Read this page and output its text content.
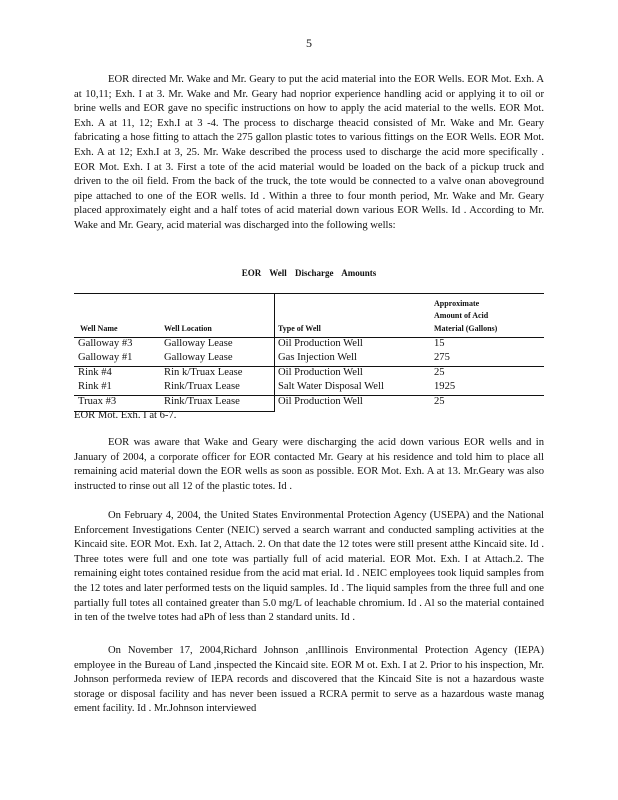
5

EOR directed Mr. Wake and Mr. Geary to put the acid material into the EOR Wells. EOR Mot. Exh. A at 10,11; Exh. I at 3. Mr. Wake and Mr. Geary had noprior experience handling acid or applying it to oil or brine wells and EOR gave no specific instructions on how to apply the acid material to the wells. EOR Mot. Exh. A at 11, 12; Exh.I at 3 -4. The process to discharge theacid consisted of Mr. Wake and Mr. Geary fabricating a hose fitting to attach the 275 gallon plastic totes to various fittings on the EOR Wells. EOR Mot. Exh. A at 12; Exh.I at 3, 25. Mr. Wake described the process used to discharge the acid more specifically . EOR Mot. Exh. I at 3. First a tote of the acid material would be loaded on the back of a pickup truck and driven to the oil field. From the back of the truck, the tote would be connected to a valve onan aboveground pipe attached to one of the EOR wells. Id . Within a three to four month period, Mr. Wake and Mr. Geary placed approximately eight and a half totes of acid material down various EOR Wells. Id . According to Mr. Wake and Mr. Geary, acid material was discharged into the following wells:

EOR Well Discharge Amounts
Approximate
Amount of Acid
Well Name	Well Location	Type of Well	Material (Gallons)
Galloway #3	Galloway Lease	Oil Production Well	15
Galloway #1	Galloway Lease	Gas Injection Well	275
Rink #4	Rin k/Truax Lease	Oil Production Well	25
Rink #1	Rink/Truax Lease	Salt Water Disposal Well	1925
Truax #3	Rink/Truax Lease	Oil Production Well	25
EOR Mot. Exh. I at 6-7.

EOR was aware that Wake and Geary were discharging the acid down various EOR wells and in January of 2004, a corporate officer for EOR contacted Mr. Geary at his residence and told him to place all remaining acid material down the EOR wells as soon as possible. EOR Mot. Exh. A at 13. Mr.Geary was also instructed to rinse out all 12 of the plastic totes. Id .

On February 4, 2004, the United States Environmental Protection Agency (USEPA) and the National Enforcement Investigations Center (NEIC) served a search warrant and conducted sampling activities at the Kincaid site. EOR Mot. Exh. Iat 2, Attach. 2. On that date the 12 totes were still present atthe Kincaid site. Id . Three totes were full and one tote was partially full of acid material. EOR Mot. Exh. I at Attach.2. The remaining eight totes contained residue from the acid mat erial. Id . NEIC employees took liquid samples from the 12 totes and later performed tests on the liquid samples. Id . The liquid samples from the three full and one partially full totes all contained greater than 5.0 mg/L of leachable chromium. Id . Al so the material contained in ten of the twelve totes had aPh of less than 2 standard units. Id .

On November 17, 2004,Richard Johnson ,anIllinois Environmental Protection Agency (IEPA) employee in the Bureau of Land ,inspected the Kincaid site. EOR M ot. Exh. I at 2. Prior to his inspection, Mr. Johnson performeda review of IEPA records and discovered that the Kincaid Site is not a hazardous waste storage or disposal facility and has never been issued a RCRA permit to serve as a hazardous waste manag ement facility. Id . Mr.Johnson interviewed
